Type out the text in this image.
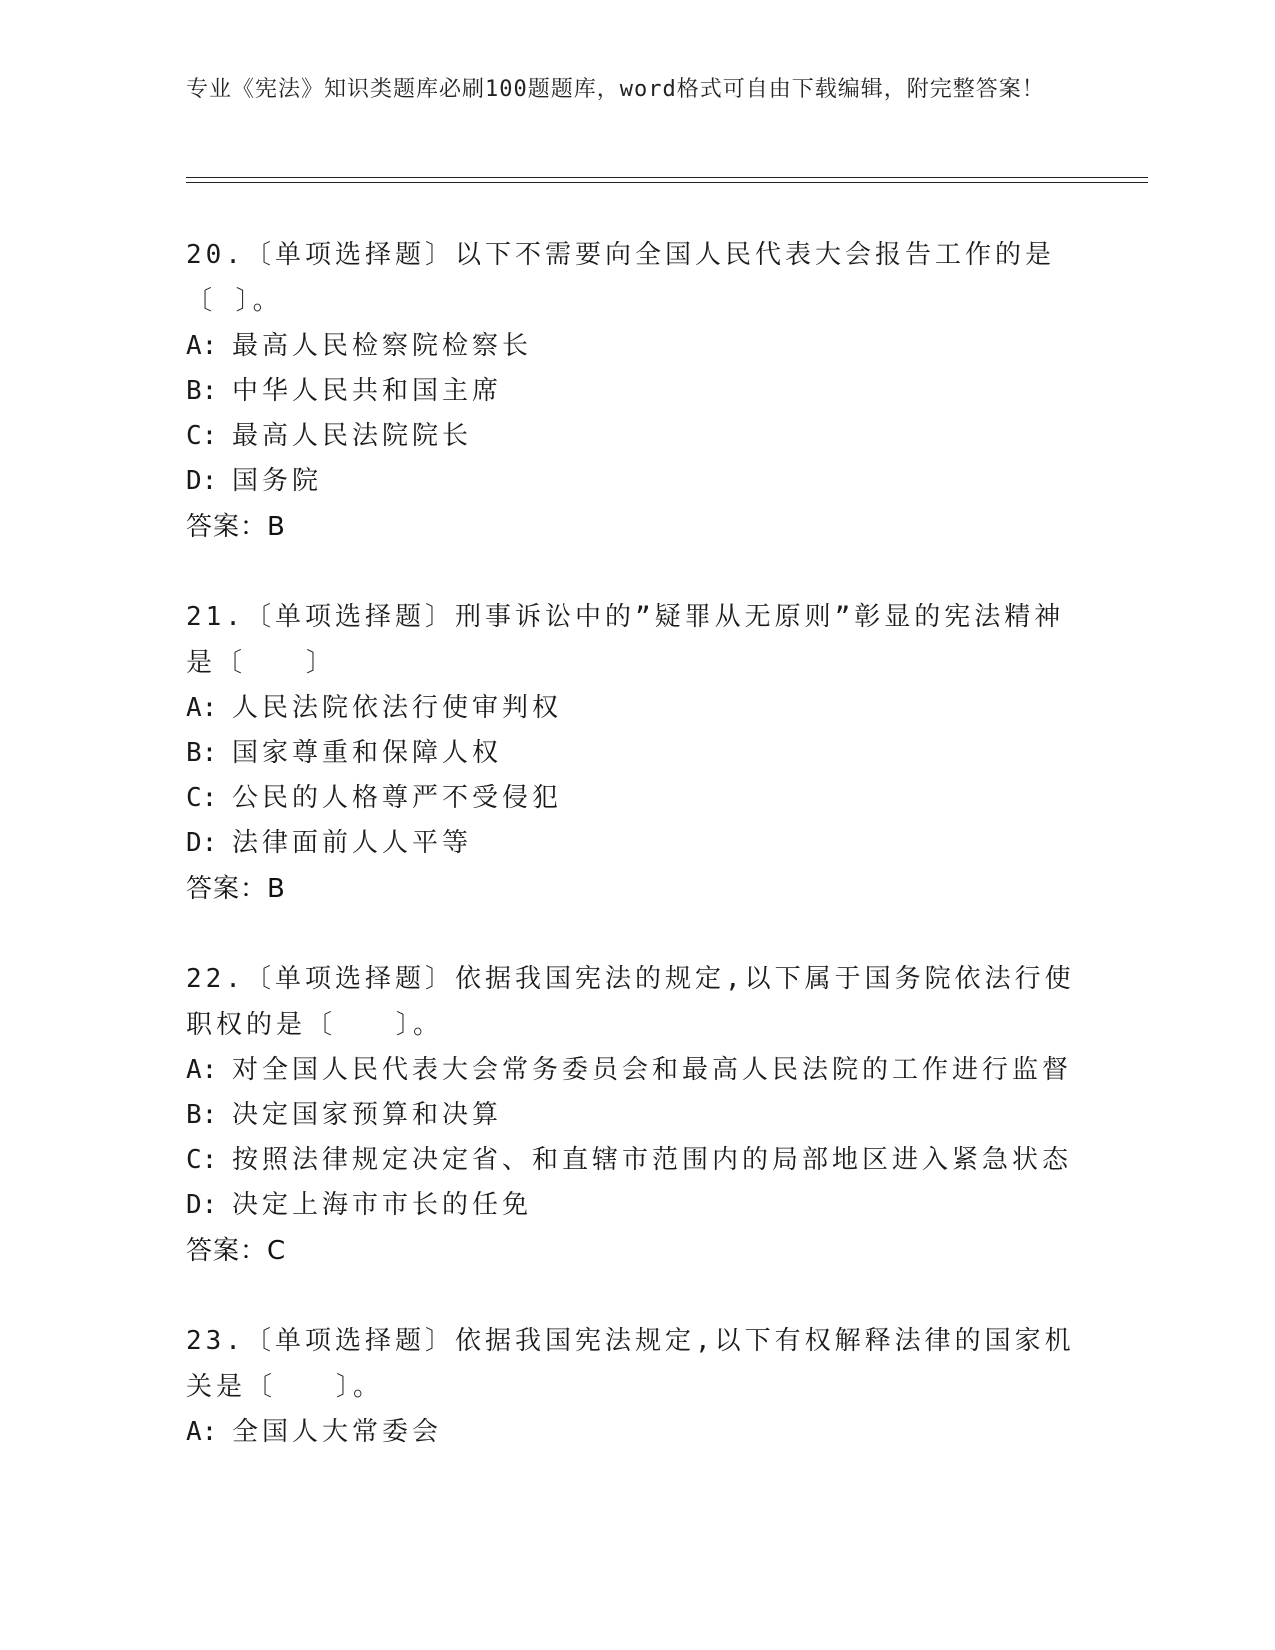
专业《宪法》知识类题库必刷100题题库，word格式可自由下载编辑，附完整答案！
20.〔单项选择题〕以下不需要向全国人民代表大会报告工作的是〔 〕。
A: 最高人民检察院检察长
B: 中华人民共和国主席
C: 最高人民法院院长
D: 国务院
答案：B
21.〔单项选择题〕刑事诉讼中的”疑罪从无原则”彰显的宪法精神是〔　　〕
A: 人民法院依法行使审判权
B: 国家尊重和保障人权
C: 公民的人格尊严不受侵犯
D: 法律面前人人平等
答案：B
22.〔单项选择题〕依据我国宪法的规定,以下属于国务院依法行使职权的是〔　　〕。
A: 对全国人民代表大会常务委员会和最高人民法院的工作进行监督
B: 决定国家预算和决算
C: 按照法律规定决定省、和直辖市范围内的局部地区进入紧急状态
D: 决定上海市市长的任免
答案：C
23.〔单项选择题〕依据我国宪法规定,以下有权解释法律的国家机关是〔　　〕。
A: 全国人大常委会
